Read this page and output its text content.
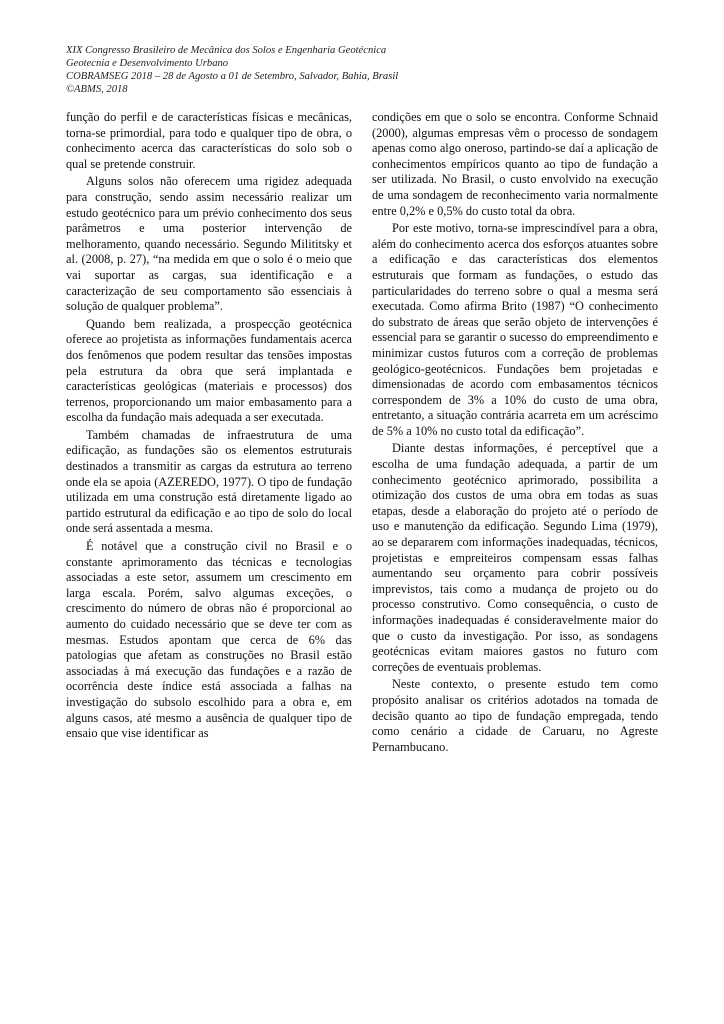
XIX Congresso Brasileiro de Mecânica dos Solos e Engenharia Geotécnica
Geotecnia e Desenvolvimento Urbano
COBRAMSEG 2018 – 28 de Agosto a 01 de Setembro, Salvador, Bahia, Brasil
©ABMS, 2018

função do perfil e de características físicas e mecânicas, torna-se primordial, para todo e qualquer tipo de obra, o conhecimento acerca das características do solo sob o qual se pretende construir.

Alguns solos não oferecem uma rigidez adequada para construção, sendo assim necessário realizar um estudo geotécnico para um prévio conhecimento dos seus parâmetros e uma posterior intervenção de melhoramento, quando necessário. Segundo Milititsky et al. (2008, p. 27), “na medida em que o solo é o meio que vai suportar as cargas, sua identificação e a caracterização de seu comportamento são essenciais à solução de qualquer problema”.

Quando bem realizada, a prospecção geotécnica oferece ao projetista as informações fundamentais acerca dos fenômenos que podem resultar das tensões impostas pela estrutura da obra que será implantada e características geológicas (materiais e processos) dos terrenos, proporcionando um maior embasamento para a escolha da fundação mais adequada a ser executada.

Também chamadas de infraestrutura de uma edificação, as fundações são os elementos estruturais destinados a transmitir as cargas da estrutura ao terreno onde ela se apoia (AZEREDO, 1977). O tipo de fundação utilizada em uma construção está diretamente ligado ao partido estrutural da edificação e ao tipo de solo do local onde será assentada a mesma.

É notável que a construção civil no Brasil e o constante aprimoramento das técnicas e tecnologias associadas a este setor, assumem um crescimento em larga escala. Porém, salvo algumas exceções, o crescimento do número de obras não é proporcional ao aumento do cuidado necessário que se deve ter com as mesmas. Estudos apontam que cerca de 6% das patologias que afetam as construções no Brasil estão associadas à má execução das fundações e a razão de ocorrência deste índice está associada a falhas na investigação do subsolo escolhido para a obra e, em alguns casos, até mesmo a ausência de qualquer tipo de ensaio que vise identificar as

condições em que o solo se encontra. Conforme Schnaid (2000), algumas empresas vêm o processo de sondagem apenas como algo oneroso, partindo-se daí a aplicação de conhecimentos empíricos quanto ao tipo de fundação a ser utilizada. No Brasil, o custo envolvido na execução de uma sondagem de reconhecimento varia normalmente entre 0,2% e 0,5% do custo total da obra.

Por este motivo, torna-se imprescindível para a obra, além do conhecimento acerca dos esforços atuantes sobre a edificação e das características dos elementos estruturais que formam as fundações, o estudo das particularidades do terreno sobre o qual a mesma será executada. Como afirma Brito (1987) “O conhecimento do substrato de áreas que serão objeto de intervenções é essencial para se garantir o sucesso do empreendimento e minimizar custos futuros com a correção de problemas geológico-geotécnicos. Fundações bem projetadas e dimensionadas de acordo com embasamentos técnicos correspondem de 3% a 10% do custo de uma obra, entretanto, a situação contrária acarreta em um acréscimo de 5% a 10% no custo total da edificação”.

Diante destas informações, é perceptível que a escolha de uma fundação adequada, a partir de um conhecimento geotécnico aprimorado, possibilita a otimização dos custos de uma obra em todas as suas etapas, desde a elaboração do projeto até o período de uso e manutenção da edificação. Segundo Lima (1979), ao se depararem com informações inadequadas, técnicos, projetistas e empreiteiros compensam essas falhas aumentando seu orçamento para cobrir possíveis imprevistos, tais como a mudança de projeto ou do processo construtivo. Como consequência, o custo de informações inadequadas é consideravelmente maior do que o custo da investigação. Por isso, as sondagens geotécnicas evitam maiores gastos no futuro com correções de eventuais problemas.

Neste contexto, o presente estudo tem como propósito analisar os critérios adotados na tomada de decisão quanto ao tipo de fundação empregada, tendo como cenário a cidade de Caruaru, no Agreste Pernambucano.
